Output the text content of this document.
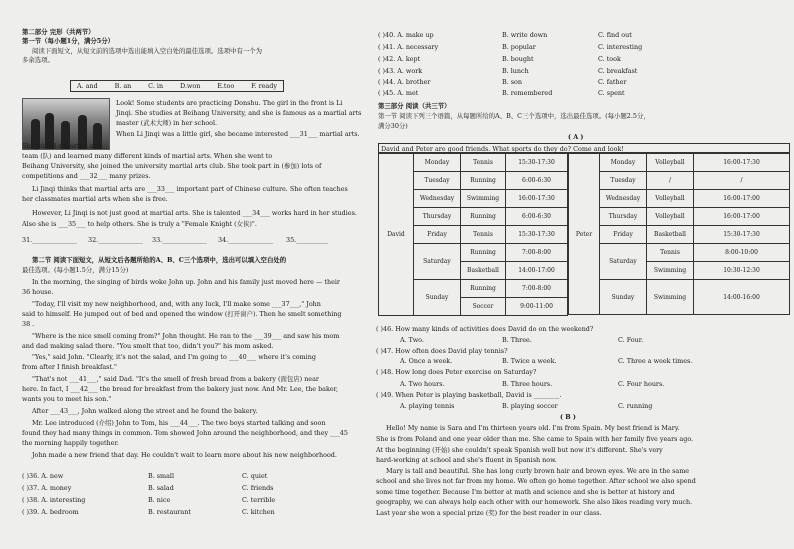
第二部分 完形（共两节）
第一节（每小题1分，满分5分）
阅读下面短文，从短文前的选项中选出能填入空白处的最佳选项。选项中有一个为
多余选项。
A. and	B. an	C. in	D.won	E.too	F. ready
Look! Some students are practicing Donshu. The girl in the front is Li
Jinqi. She studies at Beihang University, and she is famous as a martial arts
master (武术大师) in her school.
When Li Jinqi was a little girl, she became interested ___31___ martial arts.
She joined a martial arts
team (队) and learned many different kinds of martial arts. When she went to
Beihang University, she joined the university martial arts club. She took part in (参加) lots of
competitions and ___32___ many prizes.
Li Jinqi thinks that martial arts are ___33___ important part of Chinese culture. She often teaches
her classmates martial arts when she is free.
However, Li Jinqi is not just good at martial arts. She is talented ___34___ works hard in her studies.
Also she is ___35___ to help others. She is truly a "Female Knight (女侠)".
31.______________ 32.______________ 33.______________ 34.______________ 35.__________
第二节 阅读下面短文，从短文后各题所给的A、B、C三个选项中，选出可以填入空白处的
最佳选项。(每小题1.5分，满分15分)
In the morning, the singing of birds woke John up. John and his family just moved here — their
36 house.
"Today, I'll visit my new neighborhood, and, with any luck, I'll make some ___37___," John
said to himself. He jumped out of bed and opened the window (打开窗户). Then he smelt something
38 .
"Where is the nice smell coming from?" John thought. He ran to the ___39___ and saw his mom
and dad making salad there. "You smelt that too, didn't you?" his mom asked.
"Yes," said John. "Clearly, it's not the salad, and I'm going to ___40___ where it's coming
from after I finish breakfast."
"That's not ___41___," said Dad. "It's the smell of fresh bread from a bakery (面包店) near
here. In fact, I ___42___ the bread for breakfast from the bakery just now. And Mr. Lee, the baker,
wants you to meet his son."
After ___43___, John walked along the street and he found the bakery.
Mr. Lee introduced (介绍) John to Tom, his ___44___. The two boys started talking and soon
found they had many things in common. Tom showed John around the neighborhood, and they ___45
the morning happily together.
John made a new friend that day. He couldn't wait to learn more about his new neighborhood.
( )36. A. new	B. small	C. quiet
( )37. A. money	B. salad	C. friends
( )38. A. interesting	B. nice	C. terrible
( )39. A. bedroom	B. restaurant	C. kitchen
( )40. A. make up	B. write down	C. find out
( )41. A. necessary	B. popular	C. interesting
( )42. A. kept	B. bought	C. took
( )43. A. work	B. lunch	C. breakfast
( )44. A. brother	B. son	C. father
( )45. A. met	B. remembered	C. spent
第三部分 阅读（共三节）
第一节 阅读下列三个语篇，从每题所给的A、B、C三个选项中，选出最佳选项。(每小题2.5分，
满分30分)
( A )
David and Peter are good friends. What sports do they do? Come and look!
David	Monday	Tennis	15:30-17:30
	Tuesday	Running	6:00-6:30
	Wednesday	Swimming	16:00-17:30
	Thursday	Running	6:00-6:30
	Friday	Tennis	15:30-17:30
	Saturday	Running	7:00-8:00
		Basketball	14:00-17:00
	Sunday	Running	7:00-8:00
		Soccer	9:00-11:00
Peter	Monday	Volleyball	16:00-17:30
	Tuesday	/	/
	Wednesday	Volleyball	16:00-17:00
	Thursday	Volleyball	16:00-17:00
	Friday	Basketball	15:30-17:30
	Saturday	Tennis	8:00-10:00
		Swimming	10:30-12:30
	Sunday	Swimming	14:00-16:00
( )46. How many kinds of activities does David do on the weekend?
A. Two.	B. Three.	C. Four.
( )47. How often does David play tennis?
A. Once a week.	B. Twice a week.	C. Three a week times.
( )48. How long does Peter exercise on Saturday?
A. Two hours.	B. Three hours.	C. Four hours.
( )49. When Peter is playing basketball, David is ________.
A. playing tennis	B. playing soccer	C. running
( B )
Hello! My name is Sara and I'm thirteen years old. I'm from Spain. My best friend is Mary.
She is from Poland and one year older than me. She came to Spain with her family five years ago.
At the beginning (开始) she couldn't speak Spanish well but now it's different. She's very
hard-working at school and she's fluent in Spanish now.
Mary is tall and beautiful. She has long curly brown hair and brown eyes. We are in the same
school and she lives not far from my home. We often go home together. After school we also spend
some time together. Because I'm better at math and science and she is better at history and
geography, we can always help each other with our homework. She also likes reading very much.
Last year she won a special prize (奖) for the best reader in our class.
